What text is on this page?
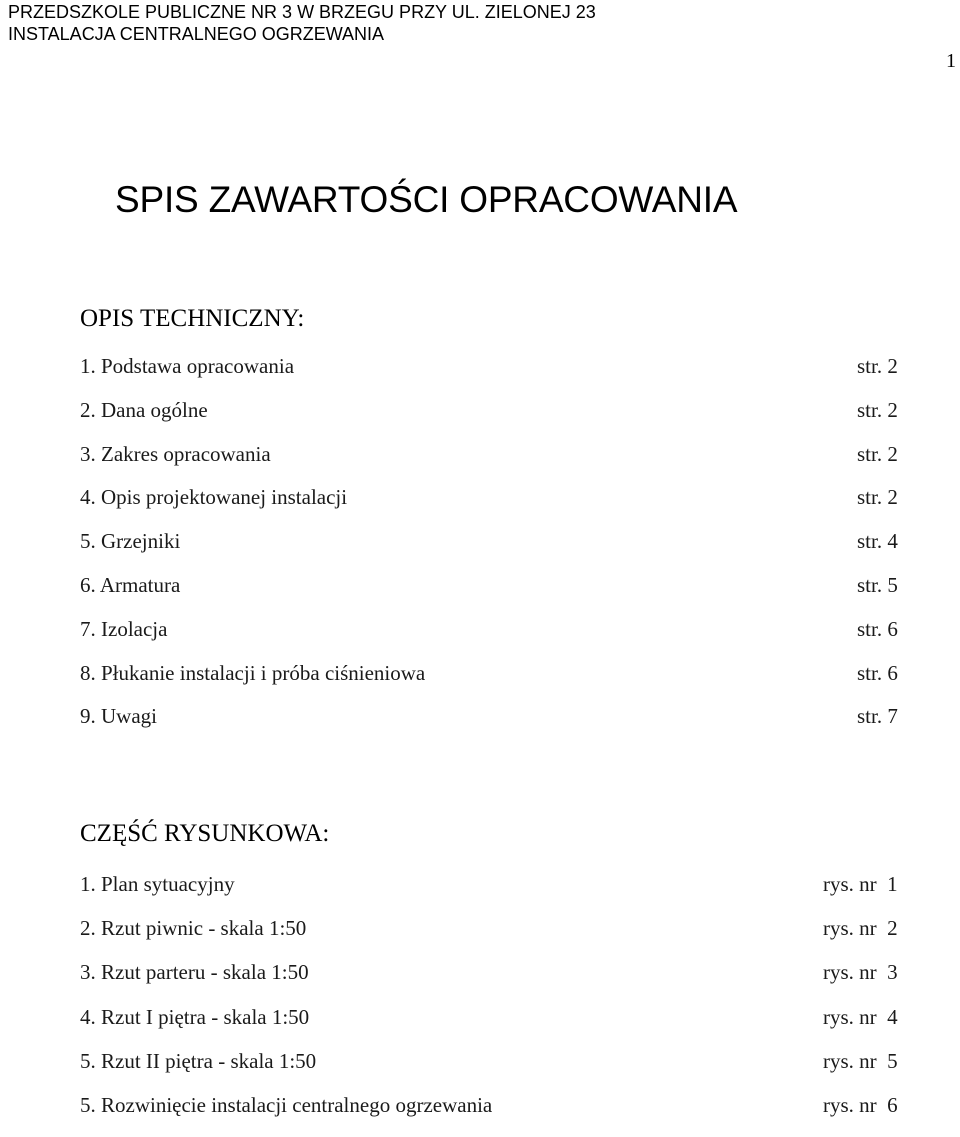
PRZEDSZKOLE PUBLICZNE NR 3 W BRZEGU PRZY UL. ZIELONEJ 23
INSTALACJA CENTRALNEGO OGRZEWANIA
1
SPIS ZAWARTOŚCI OPRACOWANIA
OPIS TECHNICZNY:
1. Podstawa opracowania	str. 2
2. Dana ogólne	str. 2
3. Zakres opracowania	str. 2
4. Opis projektowanej instalacji	str. 2
5. Grzejniki	str. 4
6. Armatura	str. 5
7. Izolacja	str. 6
8. Płukanie instalacji i próba ciśnieniowa	str. 6
9. Uwagi	str. 7
CZĘŚĆ RYSUNKOWA:
1. Plan sytuacyjny	rys. nr  1
2. Rzut piwnic - skala 1:50	rys. nr  2
3. Rzut parteru - skala 1:50	rys. nr  3
4. Rzut I piętra - skala 1:50	rys. nr  4
5. Rzut II piętra - skala 1:50	rys. nr  5
5. Rozwinięcie instalacji centralnego ogrzewania	rys. nr  6
